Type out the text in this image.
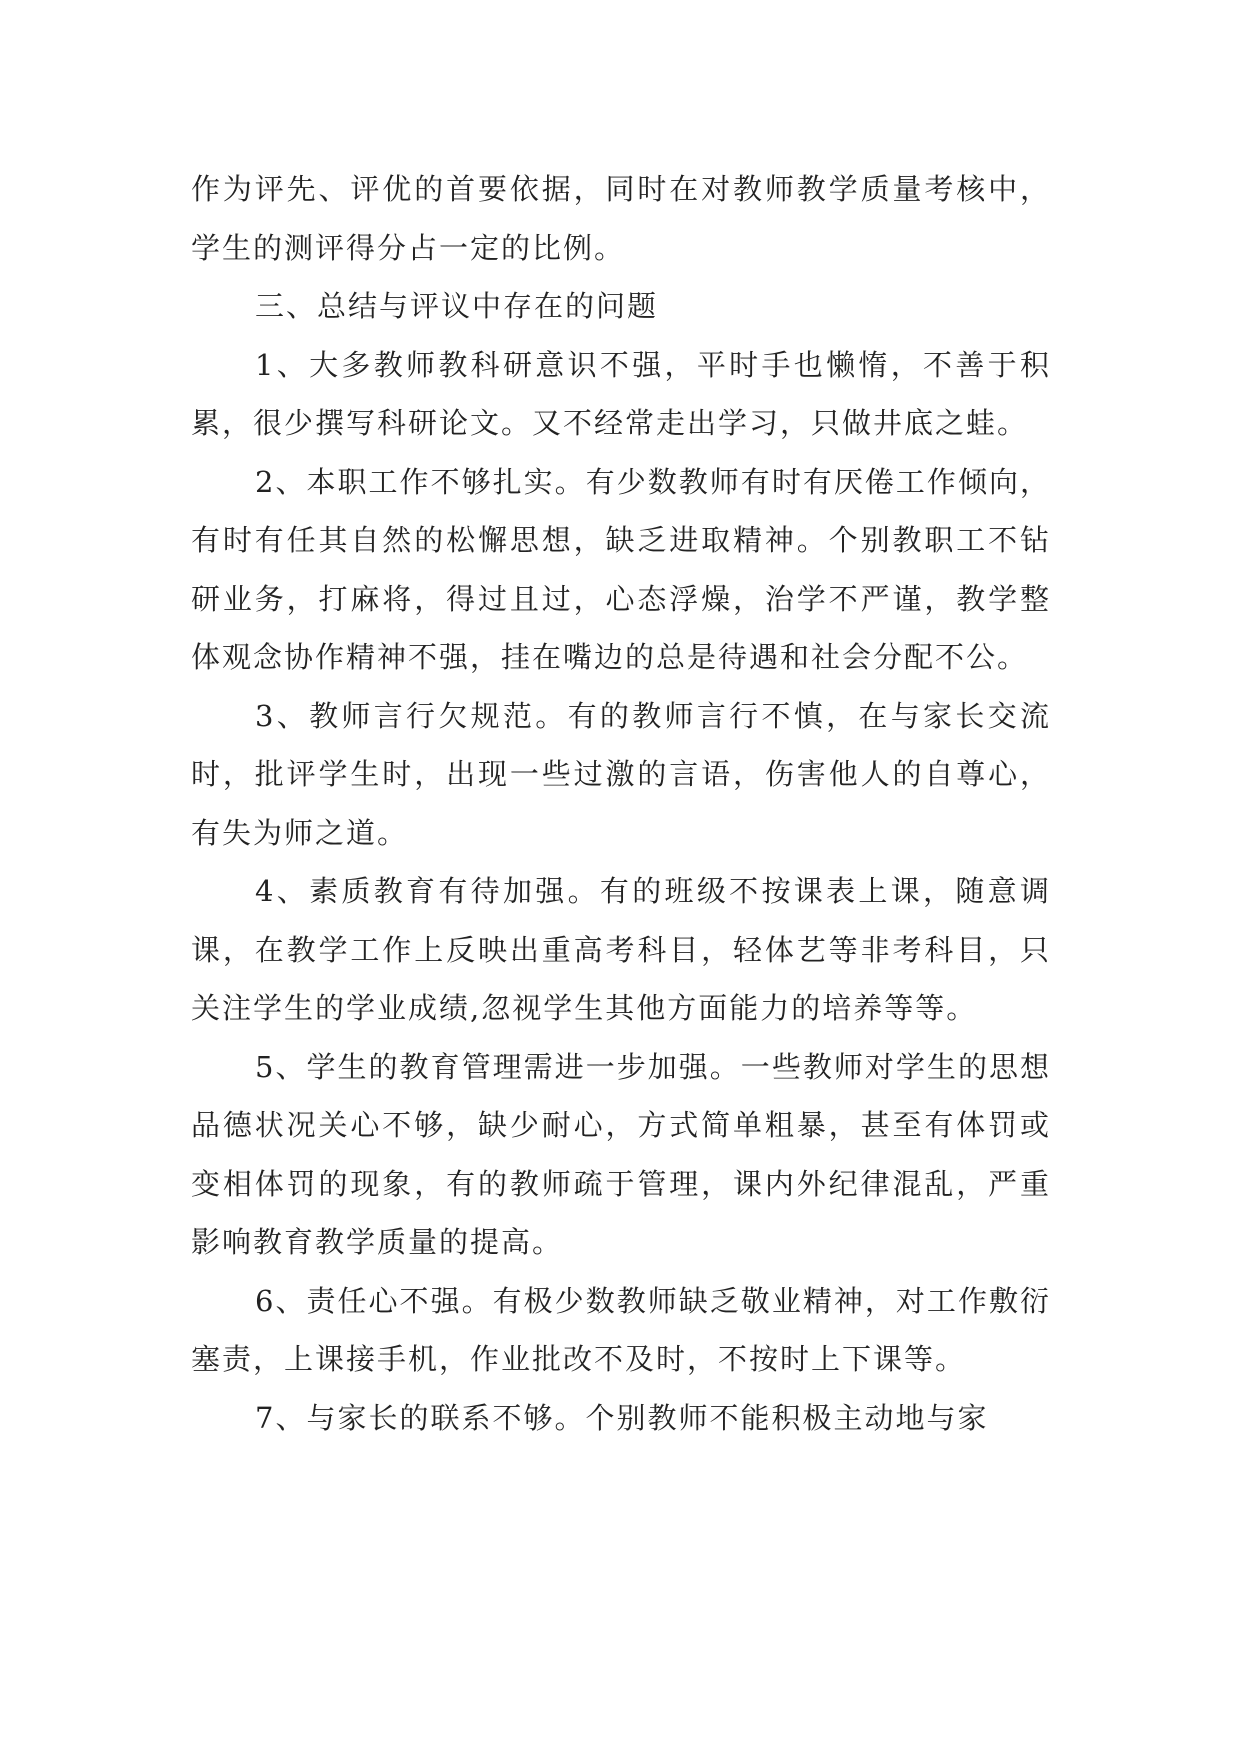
作为评先、评优的首要依据，同时在对教师教学质量考核中，学生的测评得分占一定的比例。

三、总结与评议中存在的问题

1、大多教师教科研意识不强，平时手也懒惰，不善于积累，很少撰写科研论文。又不经常走出学习，只做井底之蛙。

2、本职工作不够扎实。有少数教师有时有厌倦工作倾向，有时有任其自然的松懈思想，缺乏进取精神。个别教职工不钻研业务，打麻将，得过且过，心态浮燥，治学不严谨，教学整体观念协作精神不强，挂在嘴边的总是待遇和社会分配不公。

3、教师言行欠规范。有的教师言行不慎，在与家长交流时，批评学生时，出现一些过激的言语，伤害他人的自尊心，有失为师之道。

4、素质教育有待加强。有的班级不按课表上课，随意调课，在教学工作上反映出重高考科目，轻体艺等非考科目，只关注学生的学业成绩,忽视学生其他方面能力的培养等等。

5、学生的教育管理需进一步加强。一些教师对学生的思想品德状况关心不够，缺少耐心，方式简单粗暴，甚至有体罚或变相体罚的现象，有的教师疏于管理，课内外纪律混乱，严重影响教育教学质量的提高。

6、责任心不强。有极少数教师缺乏敬业精神，对工作敷衍塞责，上课接手机，作业批改不及时，不按时上下课等。

7、与家长的联系不够。个别教师不能积极主动地与家
